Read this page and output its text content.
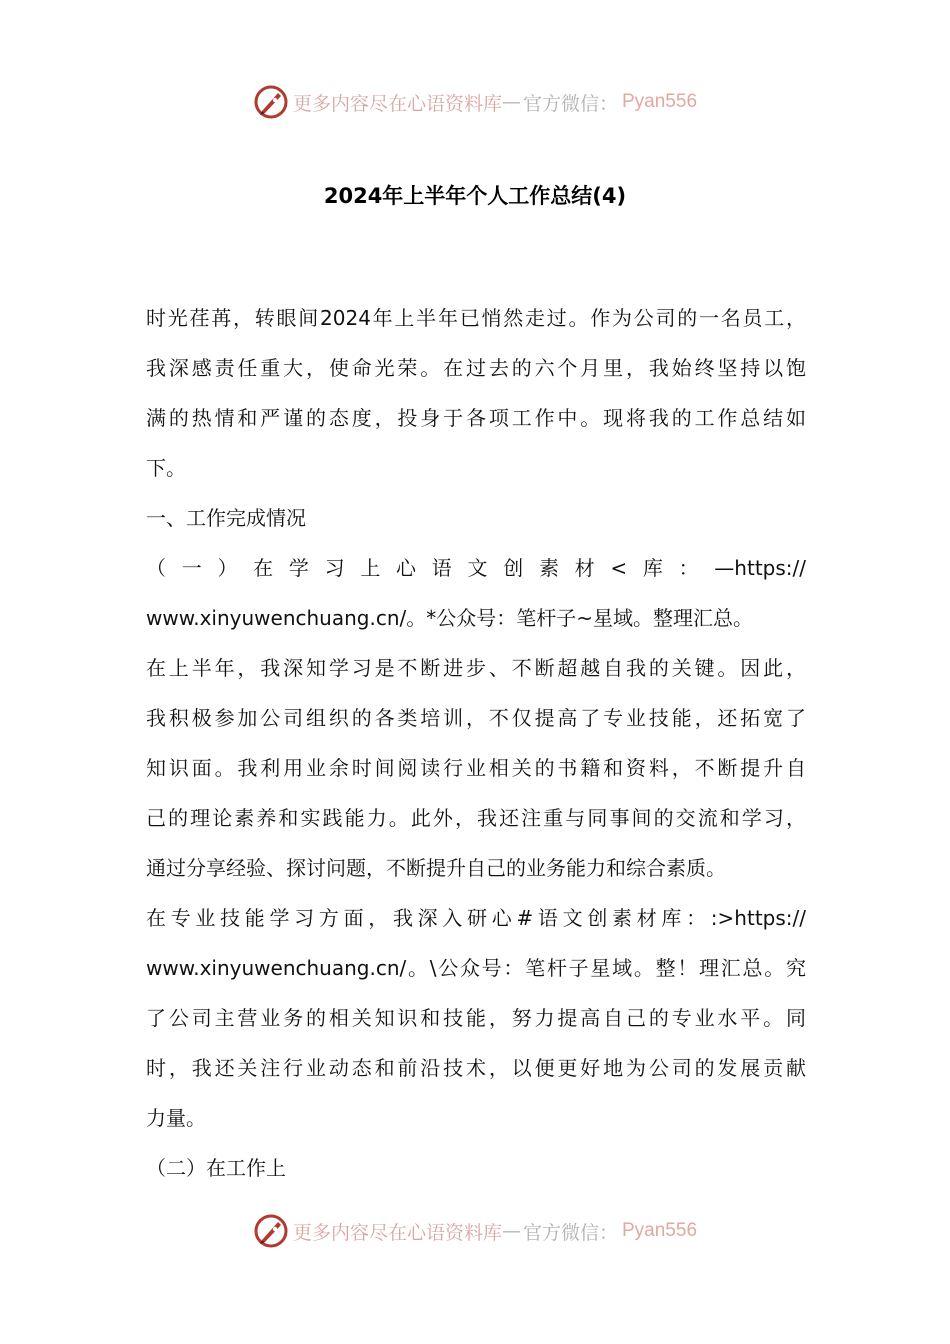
更多内容尽在心语资料库 — 官方微信： Pyan556
2024年上半年个人工作总结(4)
时光荏苒，转眼间2024年上半年已悄然走过。作为公司的一名员工，
我深感责任重大，使命光荣。在过去的六个月里，我始终坚持以饱
满的热情和严谨的态度，投身于各项工作中。现将我的工作总结如
下。
一、工作完成情况
（一）在学习上心语文创素材<库：—https://
www.xinyuwenchuang.cn/。*公众号：笔杆子~星域。整理汇总。
在上半年，我深知学习是不断进步、不断超越自我的关键。因此，
我积极参加公司组织的各类培训，不仅提高了专业技能，还拓宽了
知识面。我利用业余时间阅读行业相关的书籍和资料，不断提升自
己的理论素养和实践能力。此外，我还注重与同事间的交流和学习，
通过分享经验、探讨问题，不断提升自己的业务能力和综合素质。
在专业技能学习方面，我深入研心#语文创素材库：:>https://
www.xinyuwenchuang.cn/。\公众号：笔杆子星域。整！理汇总。究
了公司主营业务的相关知识和技能，努力提高自己的专业水平。同
时，我还关注行业动态和前沿技术，以便更好地为公司的发展贡献
力量。
（二）在工作上
更多内容尽在心语资料库 — 官方微信： Pyan556
